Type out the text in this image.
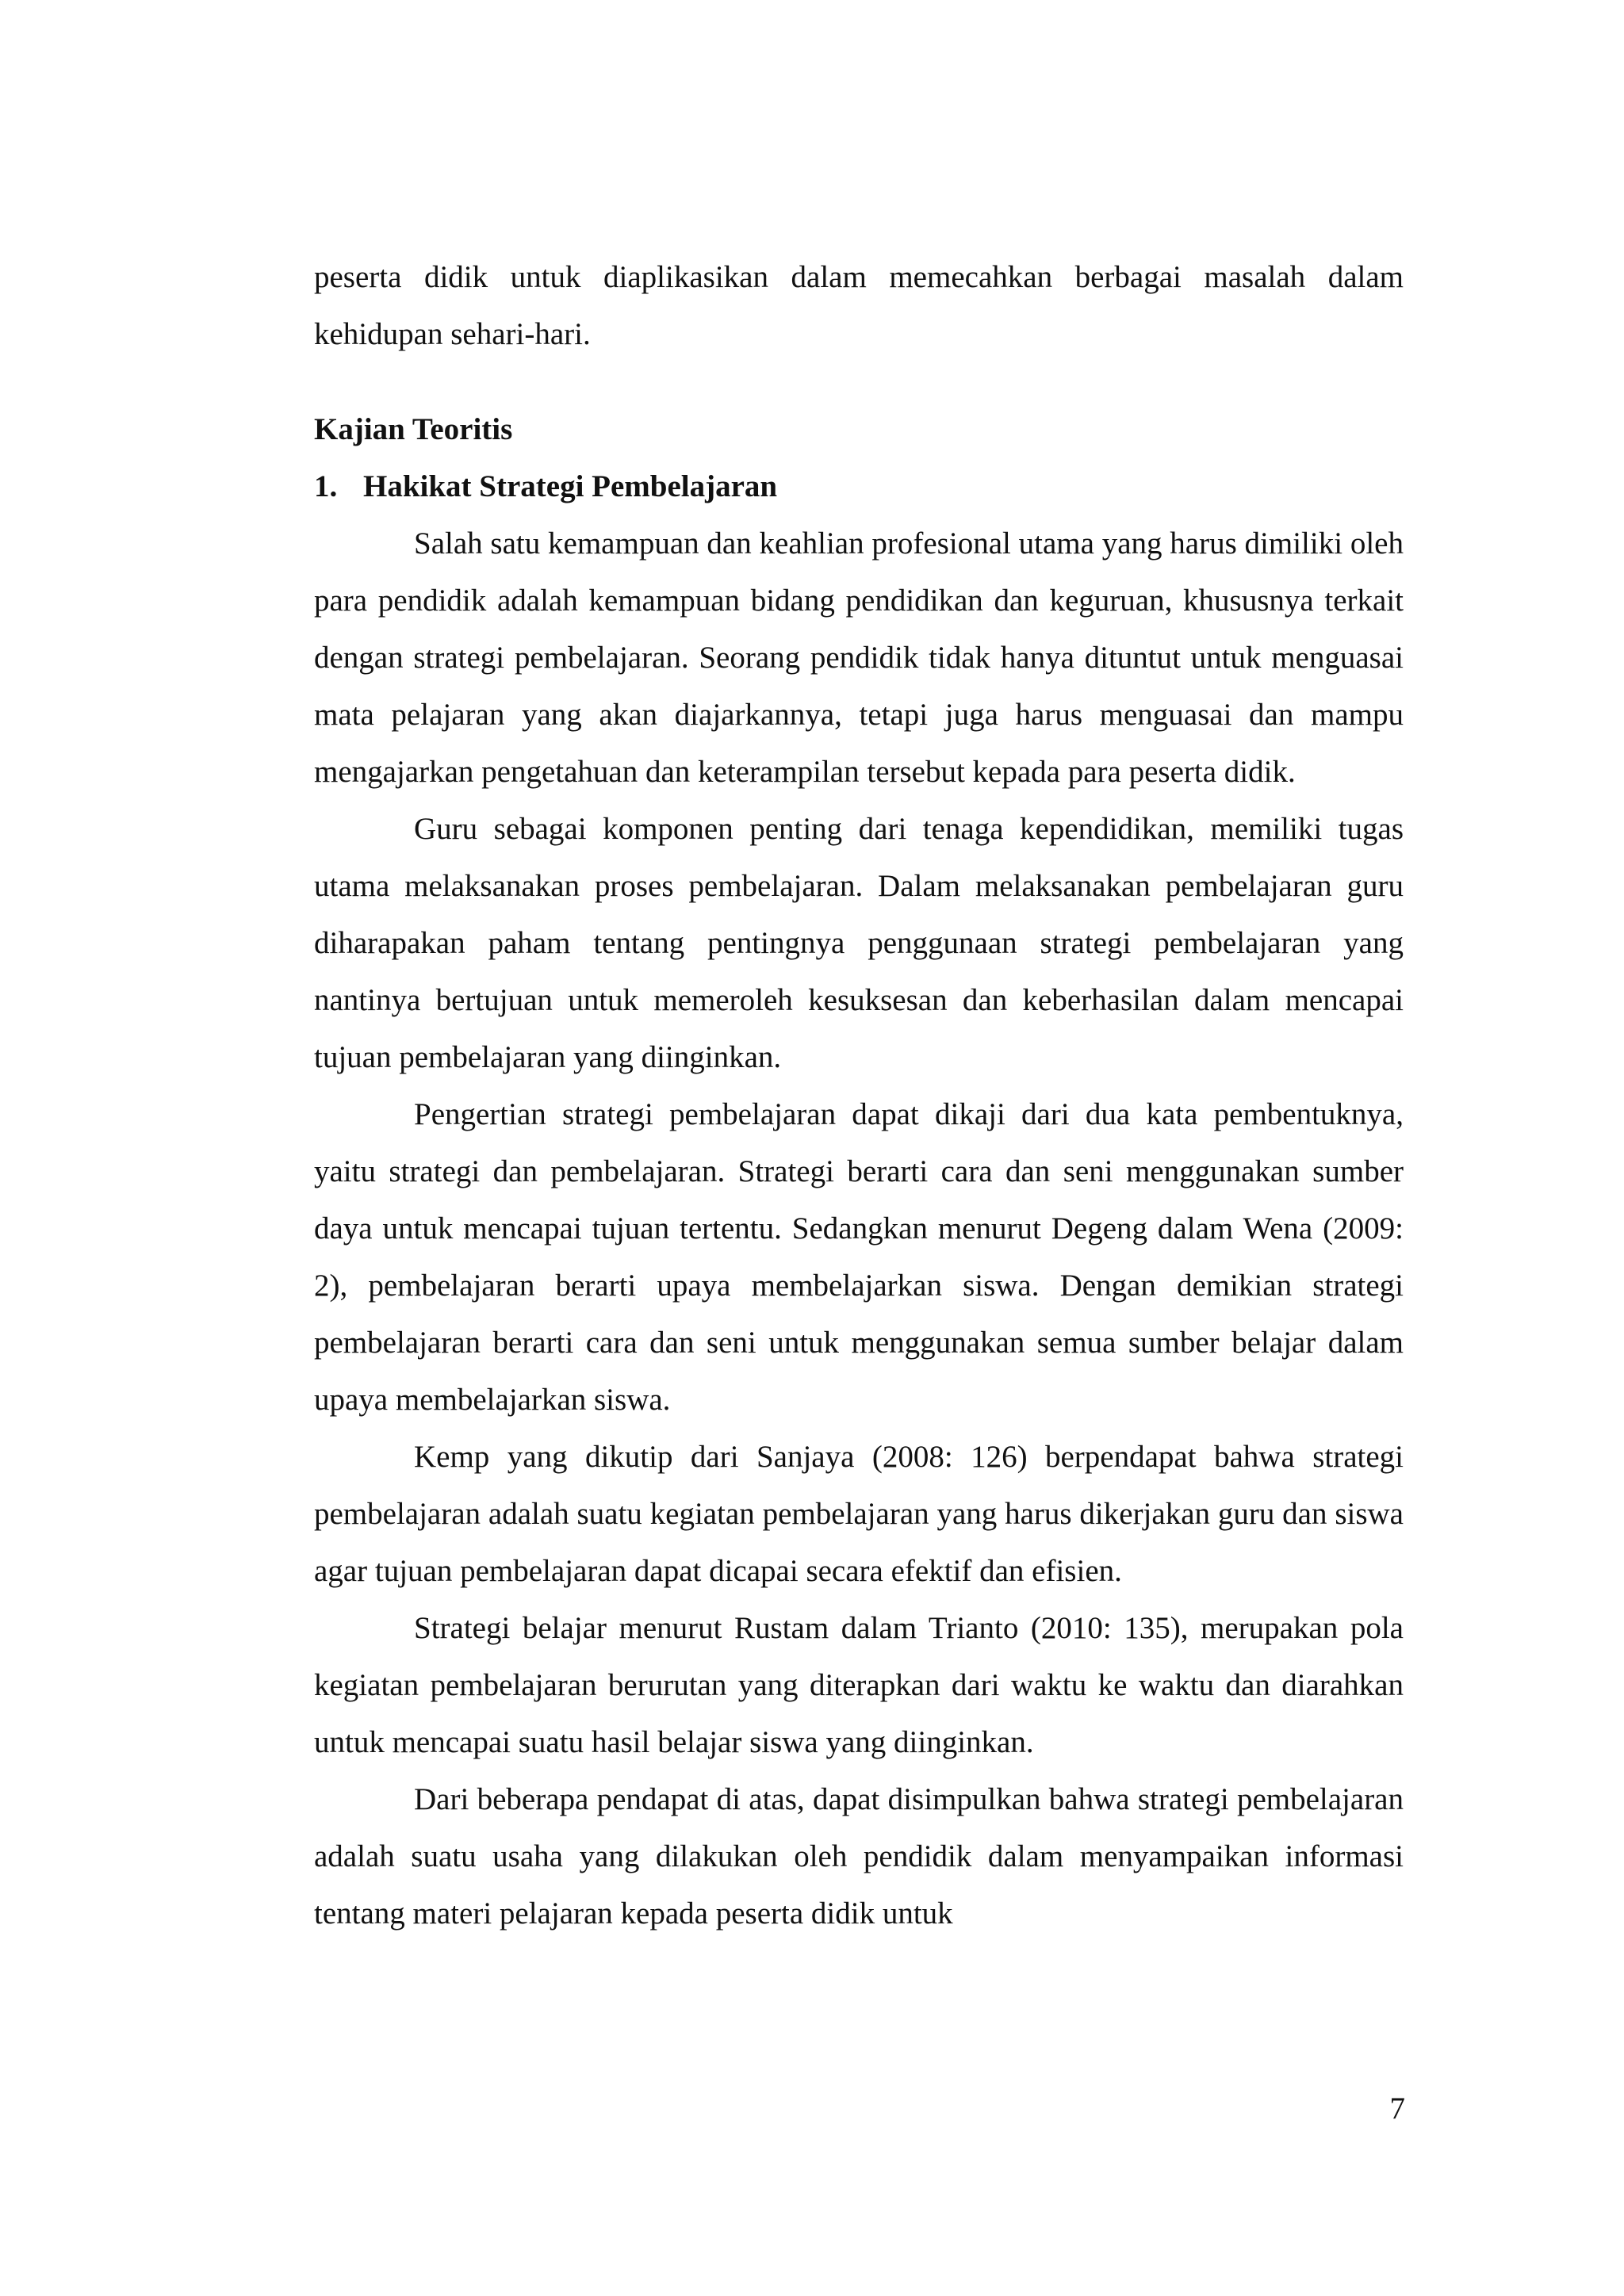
peserta didik untuk diaplikasikan dalam memecahkan berbagai masalah dalam kehidupan sehari-hari.

Kajian Teoritis

1. Hakikat Strategi Pembelajaran

Salah satu kemampuan dan keahlian profesional utama yang harus dimiliki oleh para pendidik adalah kemampuan bidang pendidikan dan keguruan, khususnya terkait dengan strategi pembelajaran. Seorang pendidik tidak hanya dituntut untuk menguasai mata pelajaran yang akan diajarkannya, tetapi juga harus menguasai dan mampu mengajarkan pengetahuan dan keterampilan tersebut kepada para peserta didik.

Guru sebagai komponen penting dari tenaga kependidikan, memiliki tugas utama melaksanakan proses pembelajaran. Dalam melaksanakan pembelajaran guru diharapakan paham tentang pentingnya penggunaan strategi pembelajaran yang nantinya bertujuan untuk memeroleh kesuksesan dan keberhasilan dalam mencapai tujuan pembelajaran yang diinginkan.

Pengertian strategi pembelajaran dapat dikaji dari dua kata pembentuknya, yaitu strategi dan pembelajaran. Strategi berarti cara dan seni menggunakan sumber daya untuk mencapai tujuan tertentu. Sedangkan menurut Degeng dalam Wena (2009: 2), pembelajaran berarti upaya membelajarkan siswa. Dengan demikian strategi pembelajaran berarti cara dan seni untuk menggunakan semua sumber belajar dalam upaya membelajarkan siswa.

Kemp yang dikutip dari Sanjaya (2008: 126) berpendapat bahwa strategi pembelajaran adalah suatu kegiatan pembelajaran yang harus dikerjakan guru dan siswa agar tujuan pembelajaran dapat dicapai secara efektif dan efisien.

Strategi belajar menurut Rustam dalam Trianto (2010: 135), merupakan pola kegiatan pembelajaran berurutan yang diterapkan dari waktu ke waktu dan diarahkan untuk mencapai suatu hasil belajar siswa yang diinginkan.

Dari beberapa pendapat di atas, dapat disimpulkan bahwa strategi pembelajaran adalah suatu usaha yang dilakukan oleh pendidik dalam menyampaikan informasi tentang materi pelajaran kepada peserta didik untuk

7
